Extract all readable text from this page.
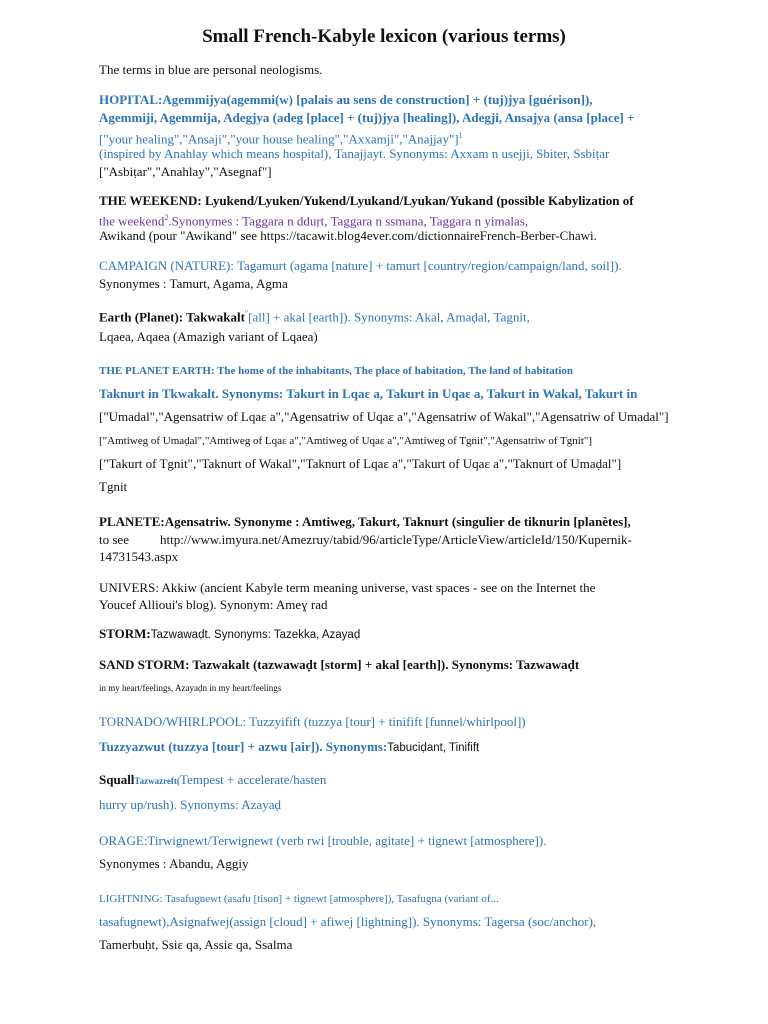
Small French-Kabyle lexicon (various terms)
The terms in blue are personal neologisms.
HOPITAL:Agemmijya(agemmi(w) [palais au sens de construction] + (tuj)jya [guérison]),
Agemmiji, Agemmija, Adegjya (adeg [place] + (tuj)jya [healing]), Adegji, Ansajya (ansa [place] +
["your healing","Ansaji","your house healing","Axxamji","Anajjay"]$^1$
(inspired by Anahlay which means hospital), Tanajjayt. Synonyms: Axxam n usejji, Sbiter, Ssbiṭar
["Asbiṭar","Anahlay","Asegnaf"]
THE WEEKEND: Lyukend/Lyuken/Yukend/Lyukand/Lyukan/Yukand (possible Kabylization of
the weekend$^2$.Synonymes : Taggara n dduṛt, Taggara n ssmana, Taggara n yimalas,
Awikand (pour "Awikand" see https://tacawit.blog4ever.com/dictionnaireFrench-Berber-Chawi.
CAMPAIGN (NATURE): Tagamurt (agama [nature] + tamurt [country/region/campaign/land, soil]).
Synonymes : Tamurt, Agama, Agma
Earth (Planet): Takwakalt"[all] + akal [earth]). Synonyms: Akal, Amaḍal, Tagnit,
Lqaea, Aqaea (Amazigh variant of Lqaea)
THE PLANET EARTH: The home of the inhabitants, The place of habitation, The land of habitation
Taknurt in Tkwakalt. Synonyms: Takurt in Lqaɛ a, Takurt in Uqaɛ a, Takurt in Wakal, Takurt in
["Umadal","Agensatriw of Lqaɛ a","Agensatriw of Uqaɛ a","Agensatriw of Wakal","Agensatriw of Umadal"]
["Amtiweg of Umaḍal","Amtiweg of Lqaɛ a","Amtiweg of Uqaɛ a","Amtiweg of Tgnit","Agensatriw of Tgnit"]
["Takurt of Tgnit","Taknurt of Wakal","Taknurt of Lqaɛ a","Takurt of Uqaɛ a","Taknurt of Umaḍal"]
Tgnit
PLANETE:Agensatriw. Synonyme : Amtiweg, Takurt, Taknurt (singulier de tiknurin [planètes],
to see http://www.imyura.net/Amezruy/tabid/96/articleType/ArticleView/articleId/150/Kupernik-
14731543.aspx
UNIVERS: Akkiw (ancient Kabyle term meaning universe, vast spaces - see on the Internet the
Youcef Allioui's blog). Synonym: Ameɣ rad
STORM:Tazwawaḍt. Synonyms: Tazekka, Azayaḍ
SAND STORM: Tazwakalt (tazwawaḍt [storm] + akal [earth]). Synonyms: Tazwawaḍt
in my heart/feelings, Azayaḍn in my heart/feelings
TORNADO/WHIRLPOOL: Tuzzyifift (tuzzya [tour] + tinifift [funnel/whirlpool])
Tuzzyazwut (tuzzya [tour] + azwu [air]). Synonyms:Tabuciḍant, Tinifift
SquallTazwazreft(Tempest + accelerate/hasten
hurry up/rush). Synonyms: Azayaḍ
ORAGE:Tirwignewt/Terwignewt (verb rwi [trouble, agitate] + tignewt [atmosphere]).
Synonymes : Abandu, Aggiy
LIGHTNING: Tasafugnewt (asafu [tison] + tignewt [atmosphere]), Tasafugna (variant of...
tasafugnewt),Asignafwej(assign [cloud] + afiwej [lightning]). Synonyms: Tagersa (soc/anchor),
Tamerbuḥt, Ssiɛ qa, Assiɛ qa, Ssalma
